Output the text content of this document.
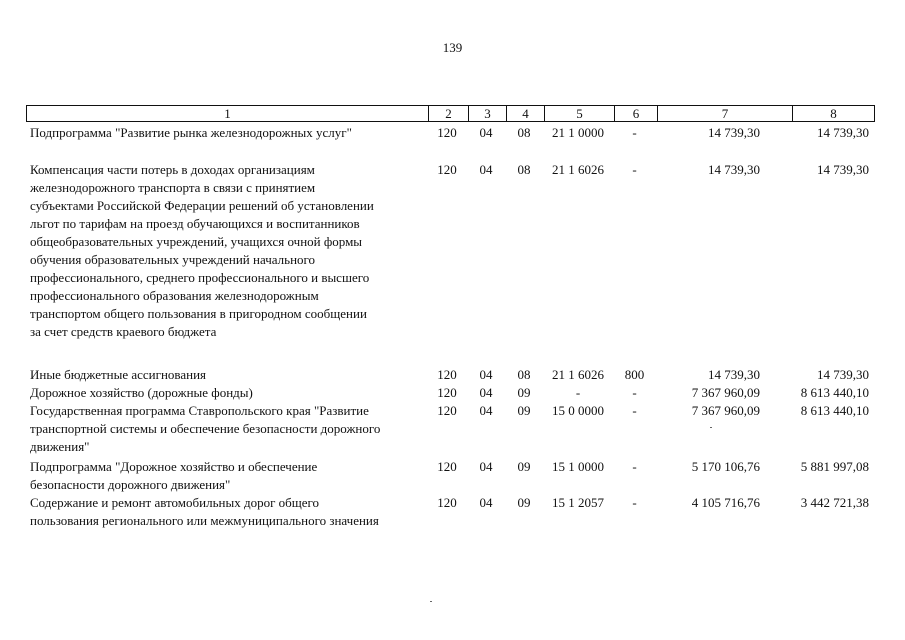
139
1	2	3	4	5	6	7	8
Подпрограмма "Развитие рынка железнодорожных услуг"	120	04	08	21 1 0000	-	14 739,30	14 739,30
Компенсация части потерь в доходах организациям
железнодорожного транспорта в связи с принятием
субъектами Российской Федерации решений об установлении
льгот по тарифам на проезд обучающихся и воспитанников
общеобразовательных учреждений, учащихся очной формы
обучения образовательных учреждений начального
профессионального, среднего профессионального и высшего
профессионального образования железнодорожным
транспортом общего пользования в пригородном сообщении
за счет средств краевого бюджета
120	04	08	21 1 6026	-	14 739,30	14 739,30
Иные бюджетные ассигнования	120	04	08	21 1 6026	800	14 739,30	14 739,30
Дорожное хозяйство (дорожные фонды)	120	04	09	-	-	7 367 960,09	8 613 440,10
Государственная программа Ставропольского края "Развитие
транспортной системы и обеспечение безопасности дорожного
движения"
120	04	09	15 0 0000	-	7 367 960,09	8 613 440,10
Подпрограмма "Дорожное хозяйство и обеспечение
безопасности дорожного движения"
120	04	09	15 1 0000	-	5 170 106,76	5 881 997,08
Содержание и ремонт автомобильных дорог общего
пользования регионального или межмуниципального значения
120	04	09	15 1 2057	-	4 105 716,76	3 442 721,38
